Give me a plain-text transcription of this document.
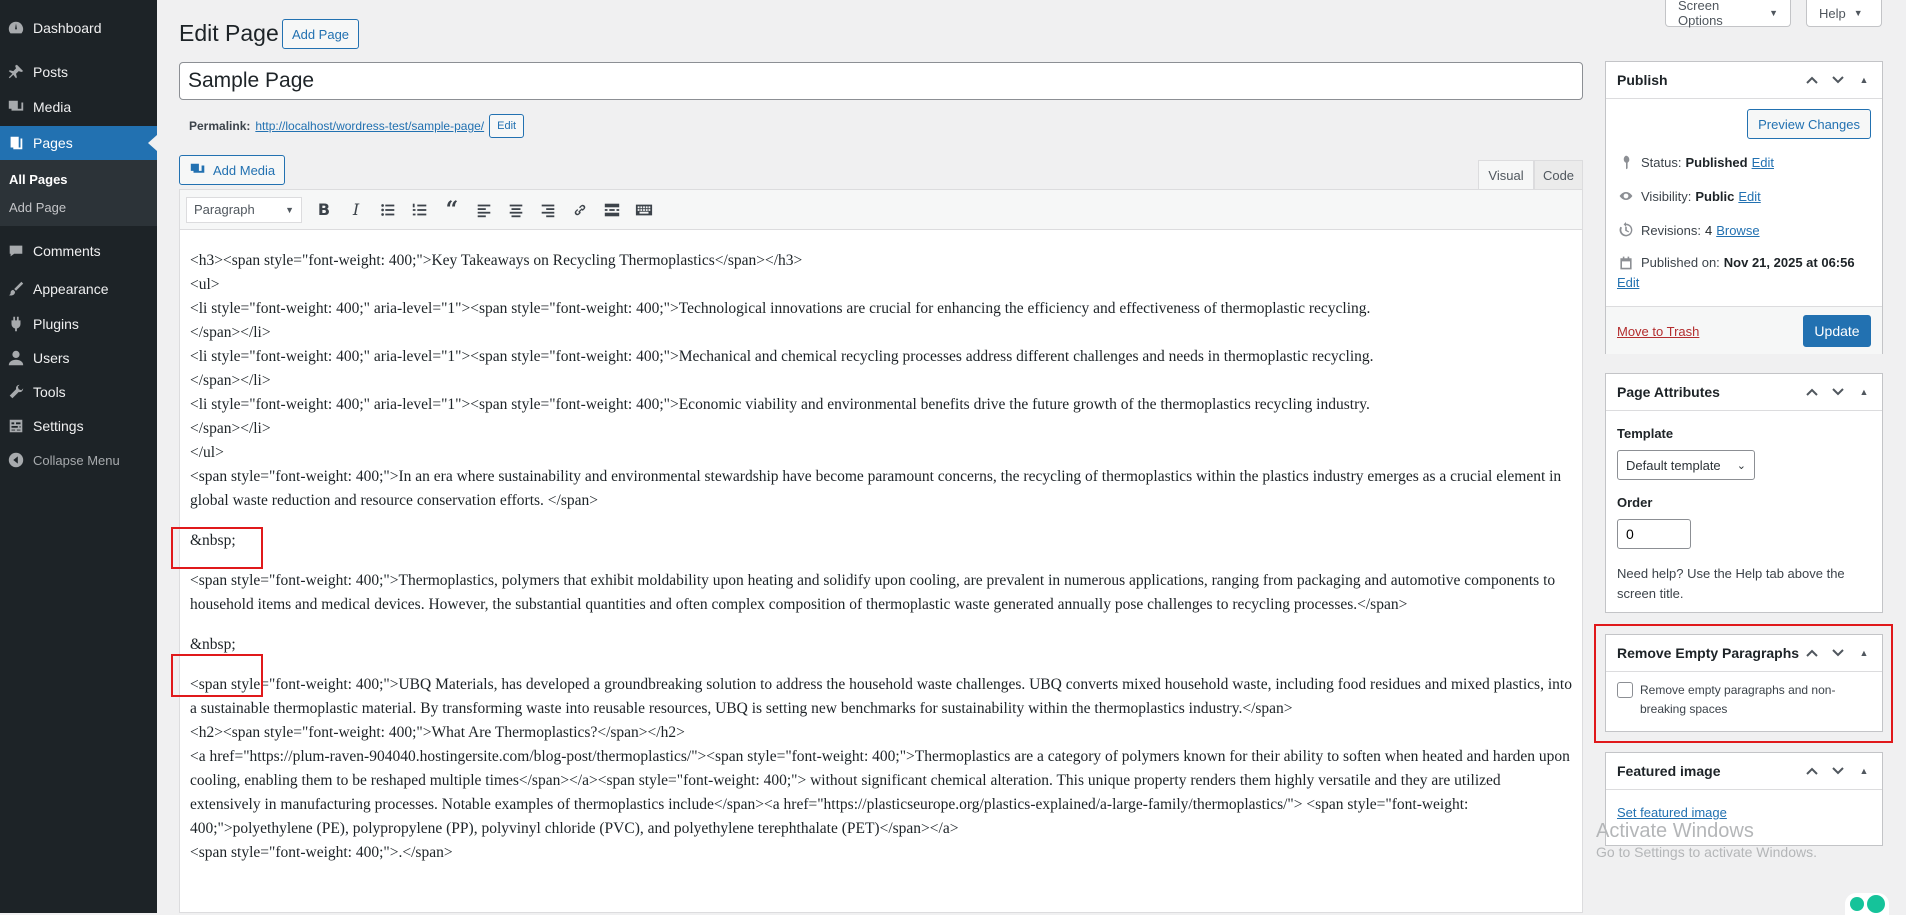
Dashboard
Posts
Media
Pages
All Pages
Add Page
Comments
Appearance
Plugins
Users
Tools
Settings
Collapse Menu
Screen Options	▼	Help ▼
Edit Page	Add Page
Sample Page
Permalink: http://localhost/wordress-test/sample-page/	Edit
Add Media	Visual	Code
Paragraph	▼ B I	“

<h3><span style="font-weight: 400;">Key Takeaways on Recycling Thermoplastics</span></h3>

<ul>

<li style="font-weight: 400;" aria-level="1"><span style="font-weight: 400;">Technological innovations are crucial for enhancing the efficiency and effectiveness of thermoplastic recycling.
</span></li>

<li style="font-weight: 400;" aria-level="1"><span style="font-weight: 400;">Mechanical and chemical recycling processes address different challenges and needs in thermoplastic recycling.
</span></li>

<li style="font-weight: 400;" aria-level="1"><span style="font-weight: 400;">Economic viability and environmental benefits drive the future growth of the thermoplastics recycling industry.
</span></li>

</ul>

<span style="font-weight: 400;">In an era where sustainability and environmental stewardship have become paramount concerns, the recycling of thermoplastics within the plastics industry emerges as a crucial element in global waste reduction and resource conservation efforts. </span>

&nbsp;

<span style="font-weight: 400;">Thermoplastics, polymers that exhibit moldability upon heating and solidify upon cooling, are prevalent in numerous applications, ranging from packaging and automotive components to household items and medical devices. However, the substantial quantities and often complex composition of thermoplastic waste generated annually pose challenges to recycling processes.</span>

&nbsp;

<span style="font-weight: 400;">UBQ Materials, has developed a groundbreaking solution to address the household waste challenges. UBQ converts mixed household waste, including food residues and mixed plastics, into a sustainable thermoplastic material. By transforming waste into reusable resources, UBQ is setting new benchmarks for sustainability within the thermoplastics industry.</span>

<h2><span style="font-weight: 400;">What Are Thermoplastics?</span></h2>

<a href="https://plum-raven-904040.hostingersite.com/blog-post/thermoplastics/"><span style="font-weight: 400;">Thermoplastics are a category of polymers known for their ability to soften when heated and harden upon cooling, enabling them to be reshaped multiple times</span></a><span style="font-weight: 400;"> without significant chemical alteration. This unique property renders them highly versatile and they are utilized extensively in manufacturing processes. Notable examples of thermoplastics include</span><a href="https://plasticseurope.org/plastics-explained/a-large-family/thermoplastics/"> <span style="font-weight: 400;">polyethylene (PE), polypropylene (PP), polyvinyl chloride (PVC), and polyethylene terephthalate (PET)</span></a>

<span style="font-weight: 400;">.</span>

Publish	▲
Preview Changes
Status: Published Edit
Visibility: Public Edit
Revisions: 4 Browse
Published on: Nov 21, 2025 at 06:56
Edit
Move to Trash	Update
Page Attributes	▲
Template
Default template ⌄
Order
0
Need help? Use the Help tab above the screen title.
Remove Empty Paragraphs	▲
Remove empty paragraphs and non-breaking spaces
Featured image	▲
Set featured image
Activate Windows
Go to Settings to activate Windows.
